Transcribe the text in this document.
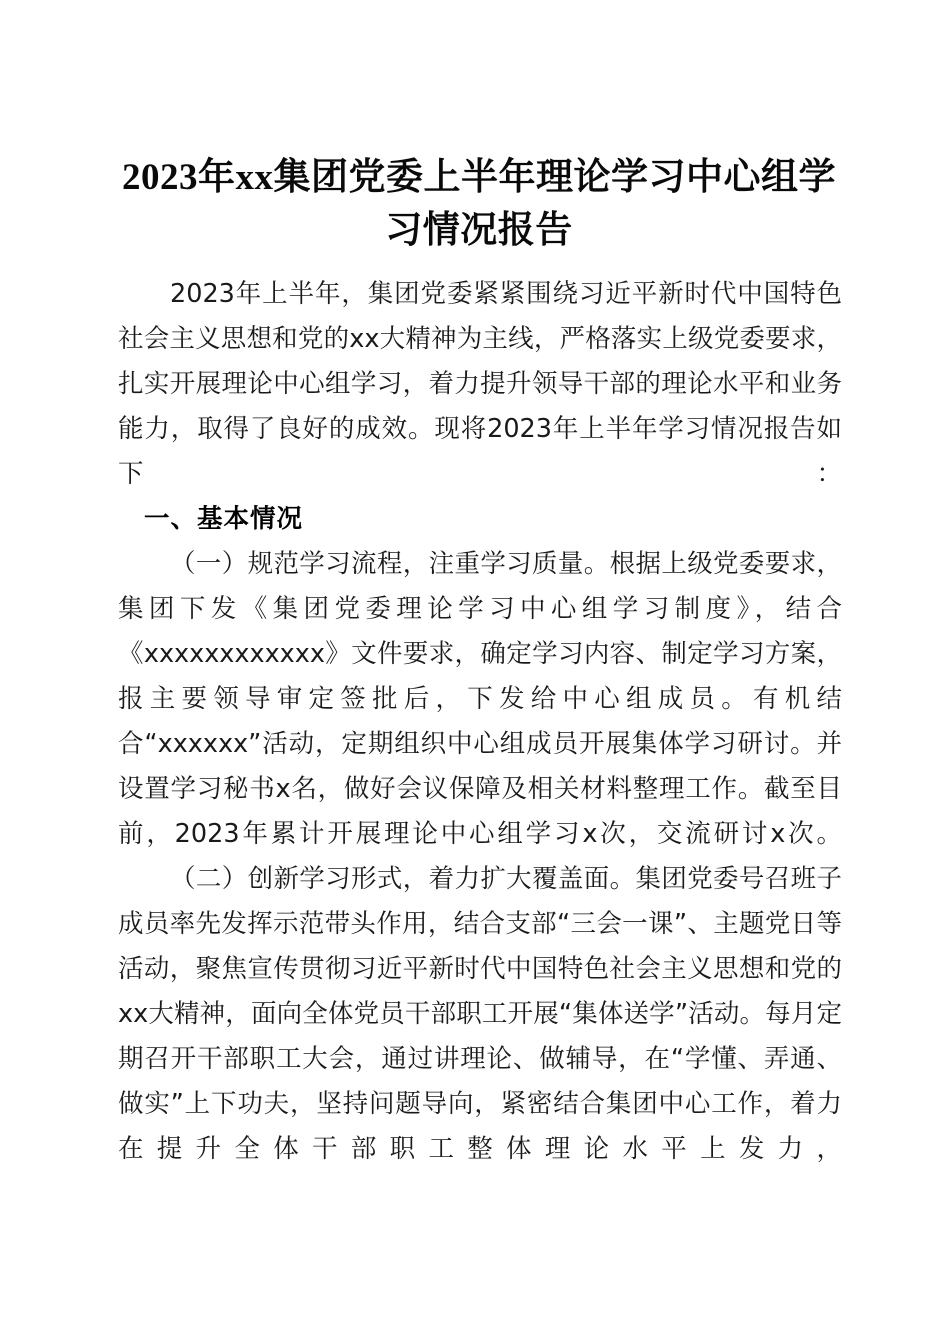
2023年xx集团党委上半年理论学习中心组学习情况报告

2023年上半年，集团党委紧紧围绕习近平新时代中国特色社会主义思想和党的xx大精神为主线，严格落实上级党委要求，扎实开展理论中心组学习，着力提升领导干部的理论水平和业务能力，取得了良好的成效。现将2023年上半年学习情况报告如下：

一、基本情况

（一）规范学习流程，注重学习质量。根据上级党委要求，集团下发《集团党委理论学习中心组学习制度》，结合《xxxxxxxxxxxx》文件要求，确定学习内容、制定学习方案，报主要领导审定签批后，下发给中心组成员。有机结合“xxxxxx”活动，定期组织中心组成员开展集体学习研讨。并设置学习秘书x名，做好会议保障及相关材料整理工作。截至目前，2023年累计开展理论中心组学习x次，交流研讨x次。

（二）创新学习形式，着力扩大覆盖面。集团党委号召班子成员率先发挥示范带头作用，结合支部“三会一课”、主题党日等活动，聚焦宣传贯彻习近平新时代中国特色社会主义思想和党的xx大精神，面向全体党员干部职工开展“集体送学”活动。每月定期召开干部职工大会，通过讲理论、做辅导，在“学懂、弄通、做实”上下功夫，坚持问题导向，紧密结合集团中心工作，着力在提升全体干部职工整体理论水平上发力，
